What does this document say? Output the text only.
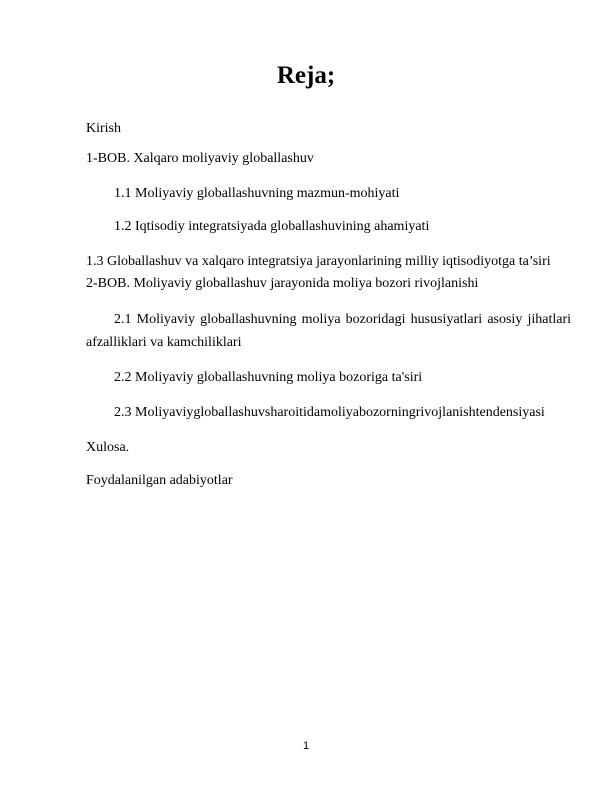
Reja;
Kirish
1-BOB. Xalqaro moliyaviy globallashuv
1.1 Moliyaviy globallashuvning mazmun-mohiyati
1.2 Iqtisodiy integratsiyada globallashuvining ahamiyati
1.3 Globallashuv va xalqaro integratsiya jarayonlarining milliy iqtisodiyotga ta’siri
2-BOB. Moliyaviy globallashuv jarayonida moliya bozori rivojlanishi
2.1 Moliyaviy globallashuvning moliya bozoridagi hususiyatlari asosiy jihatlari
afzalliklari va kamchiliklari
2.2 Moliyaviy globallashuvning moliya bozoriga ta'siri
2.3 Moliyaviygloballashuvsharoitidamoliyabozorningrivojlanishtendensiyasi
Xulosa.
Foydalanilgan adabiyotlar
1
